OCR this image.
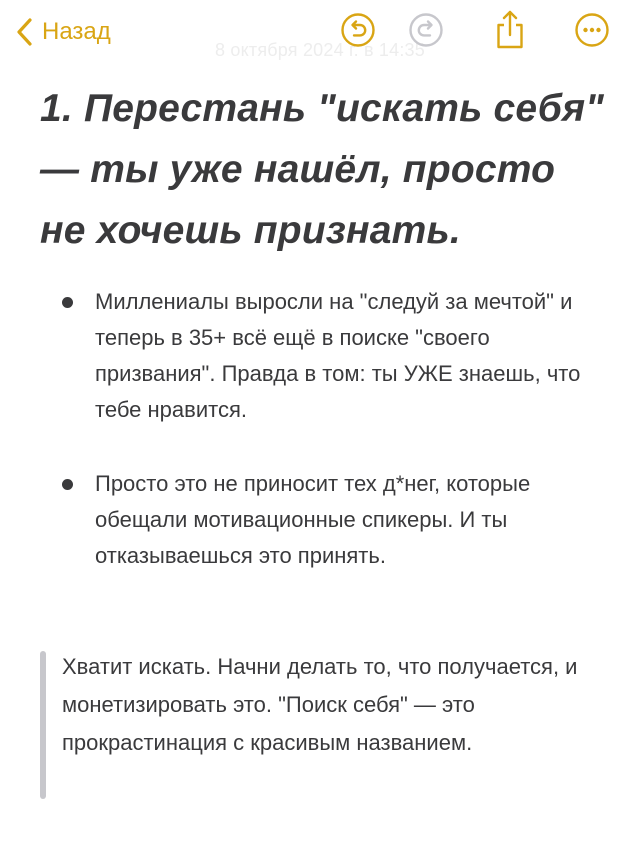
Назад
8 октября 2024 г. в 14:35
1. Перестань "искать себя" — ты уже нашёл, просто не хочешь признать.
Миллениалы выросли на "следуй за мечтой" и теперь в 35+ всё ещё в поиске "своего призвания". Правда в том: ты УЖЕ знаешь, что тебе нравится.
Просто это не приносит тех д*нег, которые обещали мотивационные спикеры. И ты отказываешься это принять.
Хватит искать. Начни делать то, что получается, и монетизировать это. "Поиск себя" — это прокрастинация с красивым названием.
